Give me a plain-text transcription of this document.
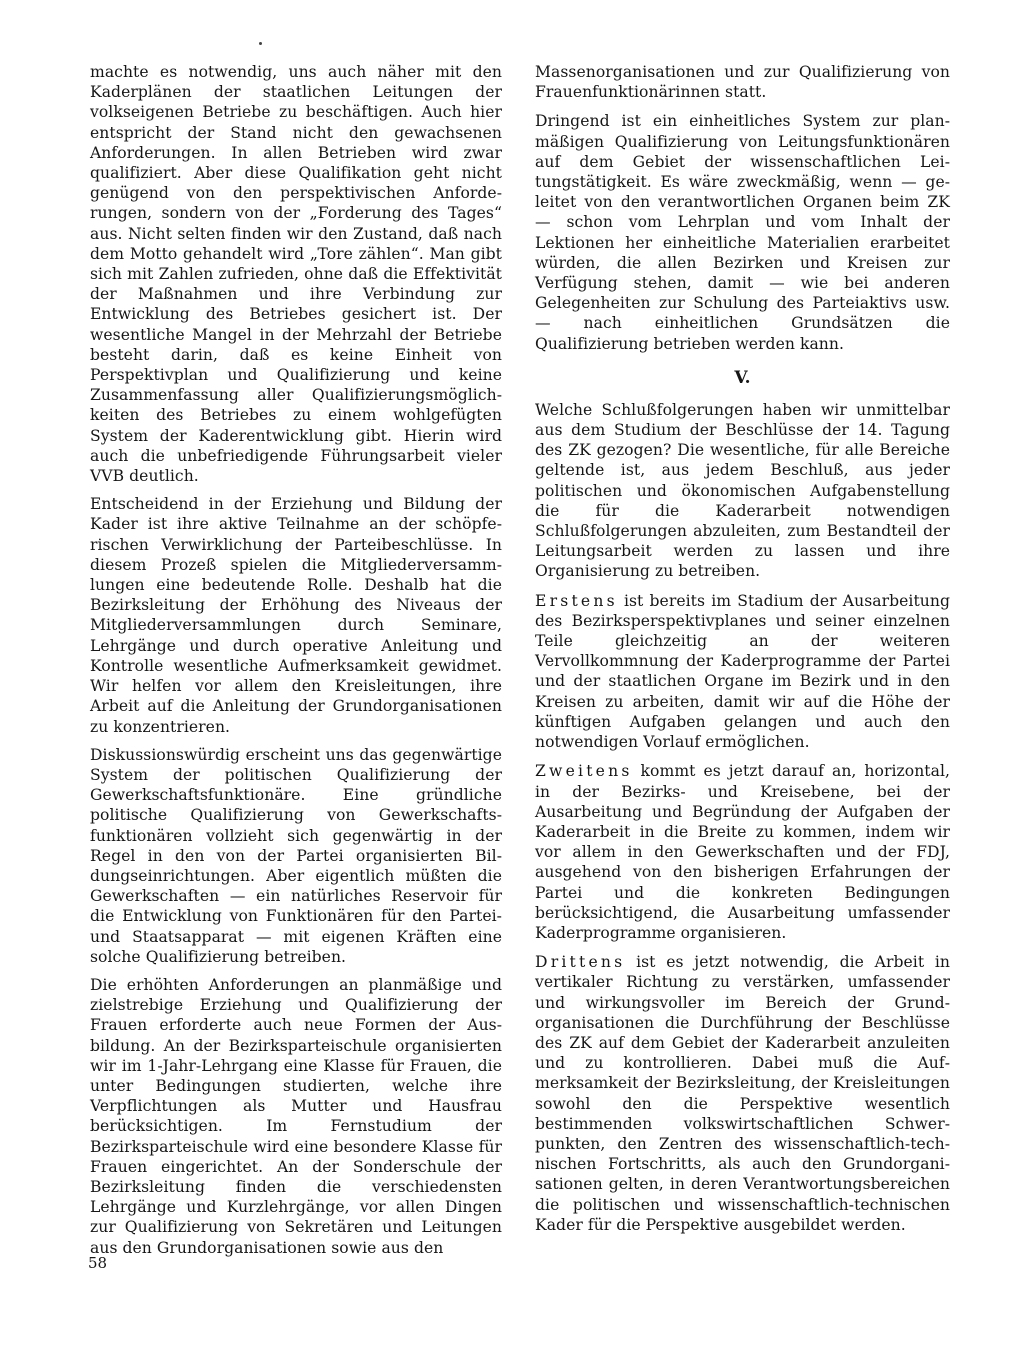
machte es notwendig, uns auch näher mit den Kaderplänen der staatlichen Leitungen der volkseigenen Betriebe zu beschäftigen. Auch hier entspricht der Stand nicht den gewachsenen Anforderungen. In allen Betrieben wird zwar qualifiziert. Aber diese Qualifikation geht nicht genügend von den perspektivischen Anforderungen, sondern von der „Forderung des Tages“ aus. Nicht selten finden wir den Zustand, daß nach dem Motto gehandelt wird „Tore zählen“. Man gibt sich mit Zahlen zufrieden, ohne daß die Effektivität der Maßnahmen und ihre Verbindung zur Entwicklung des Betriebes gesichert ist. Der wesentliche Mangel in der Mehrzahl der Betriebe besteht darin, daß es keine Einheit von Perspektivplan und Qualifizierung und keine Zusammenfassung aller Qualifizierungsmöglichkeiten des Betriebes zu einem wohlgefügten System der Kaderentwicklung gibt. Hierin wird auch die unbefriedigende Führungsarbeit vieler VVB deutlich.

Entscheidend in der Erziehung und Bildung der Kader ist ihre aktive Teilnahme an der schöpferischen Verwirklichung der Parteibeschlüsse. In diesem Prozeß spielen die Mitgliederversammlungen eine bedeutende Rolle. Deshalb hat die Bezirksleitung der Erhöhung des Niveaus der Mitgliederversammlungen durch Seminare, Lehrgänge und durch operative Anleitung und Kontrolle wesentliche Aufmerksamkeit gewidmet. Wir helfen vor allem den Kreisleitungen, ihre Arbeit auf die Anleitung der Grundorganisationen zu konzentrieren.

Diskussionswürdig erscheint uns das gegenwärtige System der politischen Qualifizierung der Gewerkschaftsfunktionäre. Eine gründliche politische Qualifizierung von Gewerkschaftsfunktionären vollzieht sich gegenwärtig in der Regel in den von der Partei organisierten Bildungseinrichtungen. Aber eigentlich müßten die Gewerkschaften — ein natürliches Reservoir für die Entwicklung von Funktionären für den Partei- und Staatsapparat — mit eigenen Kräften eine solche Qualifizierung betreiben.

Die erhöhten Anforderungen an planmäßige und zielstrebige Erziehung und Qualifizierung der Frauen erforderte auch neue Formen der Ausbildung. An der Bezirksparteischule organisierten wir im 1-Jahr-Lehrgang eine Klasse für Frauen, die unter Bedingungen studierten, welche ihre Verpflichtungen als Mutter und Hausfrau berücksichtigen. Im Fernstudium der Bezirksparteischule wird eine besondere Klasse für Frauen eingerichtet. An der Sonderschule der Bezirksleitung finden die verschiedensten Lehrgänge und Kurzlehrgänge, vor allen Dingen zur Qualifizierung von Sekretären und Leitungen aus den Grundorganisationen sowie aus den

Massenorganisationen und zur Qualifizierung von Frauenfunktionärinnen statt.

Dringend ist ein einheitliches System zur planmäßigen Qualifizierung von Leitungsfunktionären auf dem Gebiet der wissenschaftlichen Leitungstätigkeit. Es wäre zweckmäßig, wenn — geleitet von den verantwortlichen Organen beim ZK — schon vom Lehrplan und vom Inhalt der Lektionen her einheitliche Materialien erarbeitet würden, die allen Bezirken und Kreisen zur Verfügung stehen, damit — wie bei anderen Gelegenheiten zur Schulung des Parteiaktivs usw. — nach einheitlichen Grundsätzen die Qualifizierung betrieben werden kann.

V.

Welche Schlußfolgerungen haben wir unmittelbar aus dem Studium der Beschlüsse der 14. Tagung des ZK gezogen? Die wesentliche, für alle Bereiche geltende ist, aus jedem Beschluß, aus jeder politischen und ökonomischen Aufgabenstellung die für die Kaderarbeit notwendigen Schlußfolgerungen abzuleiten, zum Bestandteil der Leitungsarbeit werden zu lassen und ihre Organisierung zu betreiben.

Erstens ist bereits im Stadium der Ausarbeitung des Bezirksperspektivplanes und seiner einzelnen Teile gleichzeitig an der weiteren Vervollkommnung der Kaderprogramme der Partei und der staatlichen Organe im Bezirk und in den Kreisen zu arbeiten, damit wir auf die Höhe der künftigen Aufgaben gelangen und auch den notwendigen Vorlauf ermöglichen.

Zweitens kommt es jetzt darauf an, horizontal, in der Bezirks- und Kreisebene, bei der Ausarbeitung und Begründung der Aufgaben der Kaderarbeit in die Breite zu kommen, indem wir vor allem in den Gewerkschaften und der FDJ, ausgehend von den bisherigen Erfahrungen der Partei und die konkreten Bedingungen berücksichtigend, die Ausarbeitung umfassender Kaderprogramme organisieren.

Drittens ist es jetzt notwendig, die Arbeit in vertikaler Richtung zu verstärken, umfassender und wirkungsvoller im Bereich der Grundorganisationen die Durchführung der Beschlüsse des ZK auf dem Gebiet der Kaderarbeit anzuleiten und zu kontrollieren. Dabei muß die Aufmerksamkeit der Bezirksleitung, der Kreisleitungen sowohl den die Perspektive wesentlich bestimmenden volkswirtschaftlichen Schwerpunkten, den Zentren des wissenschaftlich-technischen Fortschritts, als auch den Grundorganisationen gelten, in deren Verantwortungsbereichen die politischen und wissenschaftlich-technischen Kader für die Perspektive ausgebildet werden.

58
